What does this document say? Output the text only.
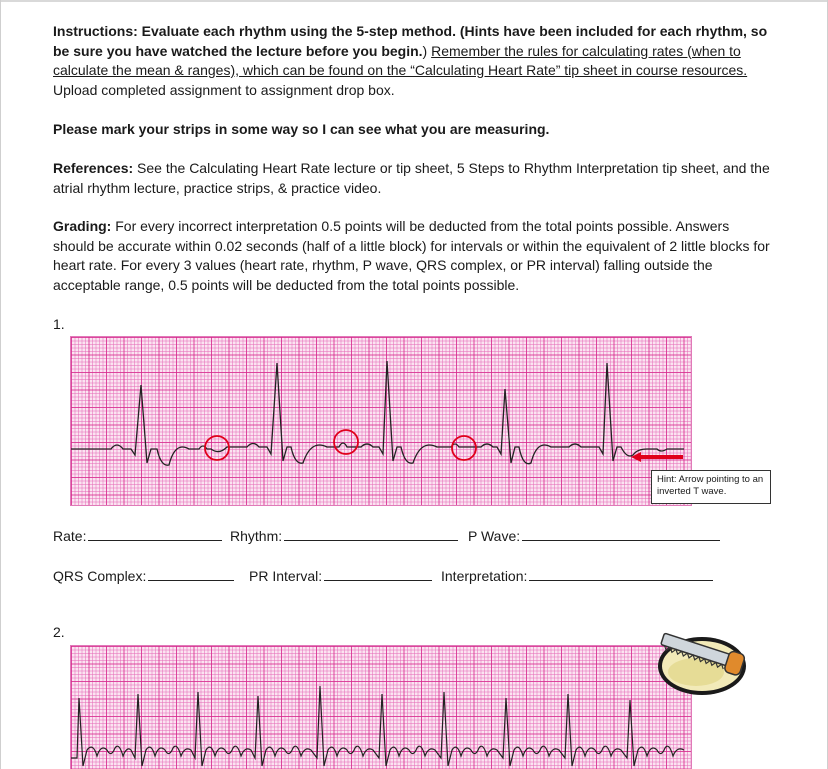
Instructions: Evaluate each rhythm using the 5-step method. (Hints have been included for each rhythm, so be sure you have watched the lecture before you begin.) Remember the rules for calculating rates (when to calculate the mean & ranges), which can be found on the “Calculating Heart Rate” tip sheet in course resources. Upload completed assignment to assignment drop box.

Please mark your strips in some way so I can see what you are measuring.

References: See the Calculating Heart Rate lecture or tip sheet, 5 Steps to Rhythm Interpretation tip sheet, and the atrial rhythm lecture, practice strips, & practice video.

Grading: For every incorrect interpretation 0.5 points will be deducted from the total points possible. Answers should be accurate within 0.02 seconds (half of a little block) for intervals or within the equivalent of 2 little blocks for heart rate. For every 3 values (heart rate, rhythm, P wave, QRS complex, or PR interval) falling outside the acceptable range, 0.5 points will be deducted from the total points possible.

1.
Hint: Arrow pointing to an inverted T wave.
Rate:	Rhythm:	P Wave:
QRS Complex:	PR Interval:	Interpretation:
2.
